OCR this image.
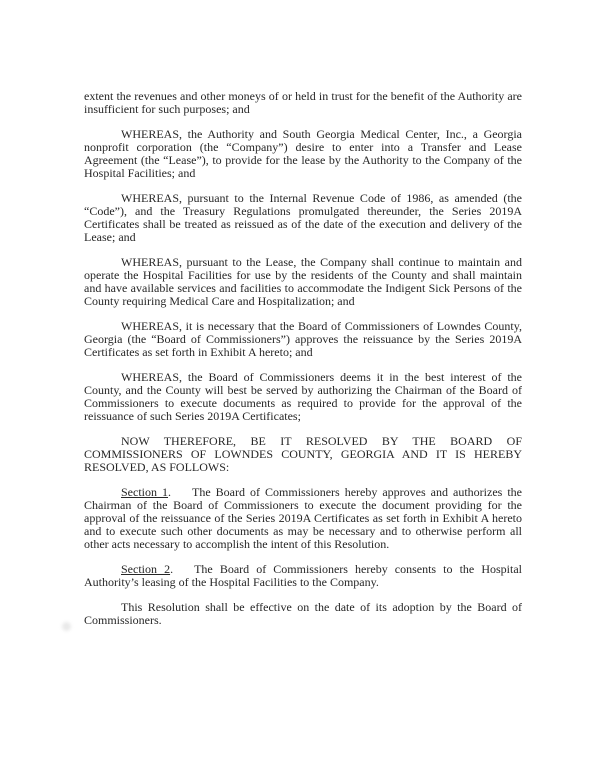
extent the revenues and other moneys of or held in trust for the benefit of the Authority are insufficient for such purposes; and

WHEREAS, the Authority and South Georgia Medical Center, Inc., a Georgia nonprofit corporation (the “Company”) desire to enter into a Transfer and Lease Agreement (the “Lease”), to provide for the lease by the Authority to the Company of the Hospital Facilities; and

WHEREAS, pursuant to the Internal Revenue Code of 1986, as amended (the “Code”), and the Treasury Regulations promulgated thereunder, the Series 2019A Certificates shall be treated as reissued as of the date of the execution and delivery of the Lease; and

WHEREAS, pursuant to the Lease, the Company shall continue to maintain and operate the Hospital Facilities for use by the residents of the County and shall maintain and have available services and facilities to accommodate the Indigent Sick Persons of the County requiring Medical Care and Hospitalization; and

WHEREAS, it is necessary that the Board of Commissioners of Lowndes County, Georgia (the “Board of Commissioners”) approves the reissuance by the Series 2019A Certificates as set forth in Exhibit A hereto; and

WHEREAS, the Board of Commissioners deems it in the best interest of the County, and the County will best be served by authorizing the Chairman of the Board of Commissioners to execute documents as required to provide for the approval of the reissuance of such Series 2019A Certificates;

NOW THEREFORE, BE IT RESOLVED BY THE BOARD OF COMMISSIONERS OF LOWNDES COUNTY, GEORGIA AND IT IS HEREBY RESOLVED, AS FOLLOWS:

Section 1. The Board of Commissioners hereby approves and authorizes the Chairman of the Board of Commissioners to execute the document providing for the approval of the reissuance of the Series 2019A Certificates as set forth in Exhibit A hereto and to execute such other documents as may be necessary and to otherwise perform all other acts necessary to accomplish the intent of this Resolution.

Section 2. The Board of Commissioners hereby consents to the Hospital Authority’s leasing of the Hospital Facilities to the Company.

This Resolution shall be effective on the date of its adoption by the Board of Commissioners.
